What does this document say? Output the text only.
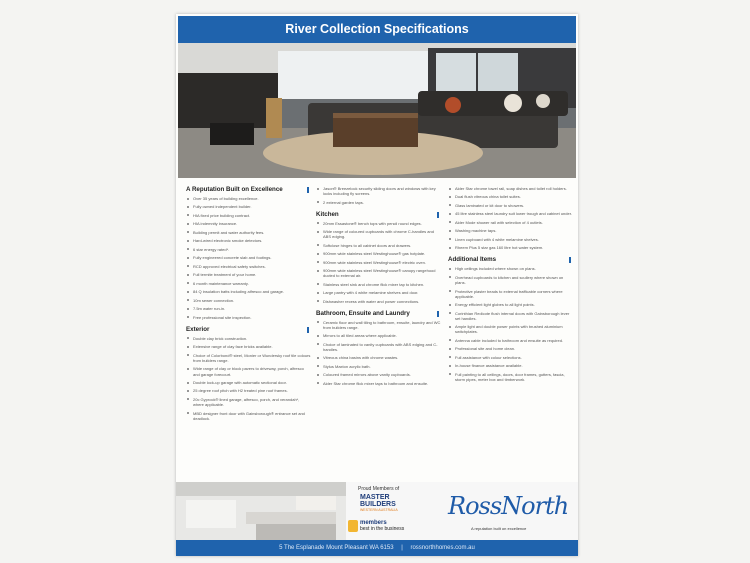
River Collection Specifications
A Reputation Built on Excellence
Over 35 years of building excellence.
Fully owned independent builder.
HIA fixed price building contract.
HIA indemnity insurance.
Building permit and water authority fees.
Hard-wired electronic smoke detectors.
6 star energy rated*.
Fully engineered concrete slab and footings.
RCD approved electrical safety switches.
Full termite treatment of your home.
6 month maintenance warranty.
84 Q insulation batts including alfresco and garage.
10m sewer connection.
7.5m water run-in.
Free professional site inspection.
Exterior
Double clay brick construction.
Extensive range of clay face bricks available.
Choice of Colorbond® steel, Monier or Wundersky roof tile colours from builders range.
Wide range of clay or block pavers to driveway, porch, alfresco and garage forecourt.
Double lock-up garage with automatic sectional door.
25 degree roof pitch with H2 treated pine roof frames.
20c Gyprock® lined garage, alfresco, porch, and verandah*, where applicable.
MBD designer front door with Gainsborough® entrance set and deadlock.
Jason® Breezelock security sliding doors and windows with key locks including fly screens.
2 external garden taps.
Kitchen
20mm Essastone® bench tops with pencil round edges.
Wide range of coloured cupboards with chrome C-handles and ABS edging.
Softclose hinges to all cabinet doors and drawers.
900mm wide stainless steel Westinghouse® gas hotplate.
900mm wide stainless steel Westinghouse® electric oven.
900mm wide stainless steel Westinghouse® canopy rangehood ducted to external air.
Stainless steel sink and chrome flick mixer tap to kitchen.
Large pantry with 4 white melamine shelves and door.
Dishwasher recess with water and power connections.
Bathroom, Ensuite and Laundry
Ceramic floor and wall tiling to bathroom, ensuite, laundry and WC from builders range.
Mirrors to all tiled areas where applicable.
Choice of laminated to vanity cupboards with ABS edging and C-handles.
Vitreous china basins with chrome wastes.
Stylus Maxton acrylic bath.
Coloured framed mirrors above vanity cupboards.
Alder Star chrome flick mixer taps to bathroom and ensuite.
Alder Star chrome towel rail, soap dishes and toilet roll holders.
Dual flush vitreous china toilet suites.
Glass laminated or kit door to showers.
45 litre stainless steel laundry suit lower trough and cabinet under.
Alder Mode shower rail with selection of 4 outlets.
Washing machine taps.
Linen cupboard with 4 white melamine shelves.
Rheem Plus 5 star gas 160 litre hot water system.
Additional Items
High ceilings included where shown on plans.
Overhead cupboards to kitchen and scullery where shown on plans.
Protective plaster beads to external trafficable corners where applicable.
Energy efficient light globes to all light points.
Corinthian Redicote flush internal doors with Gainsborough lever set handles.
Ample light and double power points with brushed aluminium switchplates.
Antenna cable included to bathroom and ensuite as required.
Professional site and home clean.
Full assistance with colour selections.
In-house finance assistance available.
Full painting to all ceilings, doors, door frames, gutters, fascia, storm pipes, meter box and timberwork.
Proud Members of
MASTER BUILDERS
WESTERN AUSTRALIA
members
best in the business
RossNorth
A reputation built on excellence
5 The Esplanade Mount Pleasant WA 6153 | rossnorthhomes.com.au
